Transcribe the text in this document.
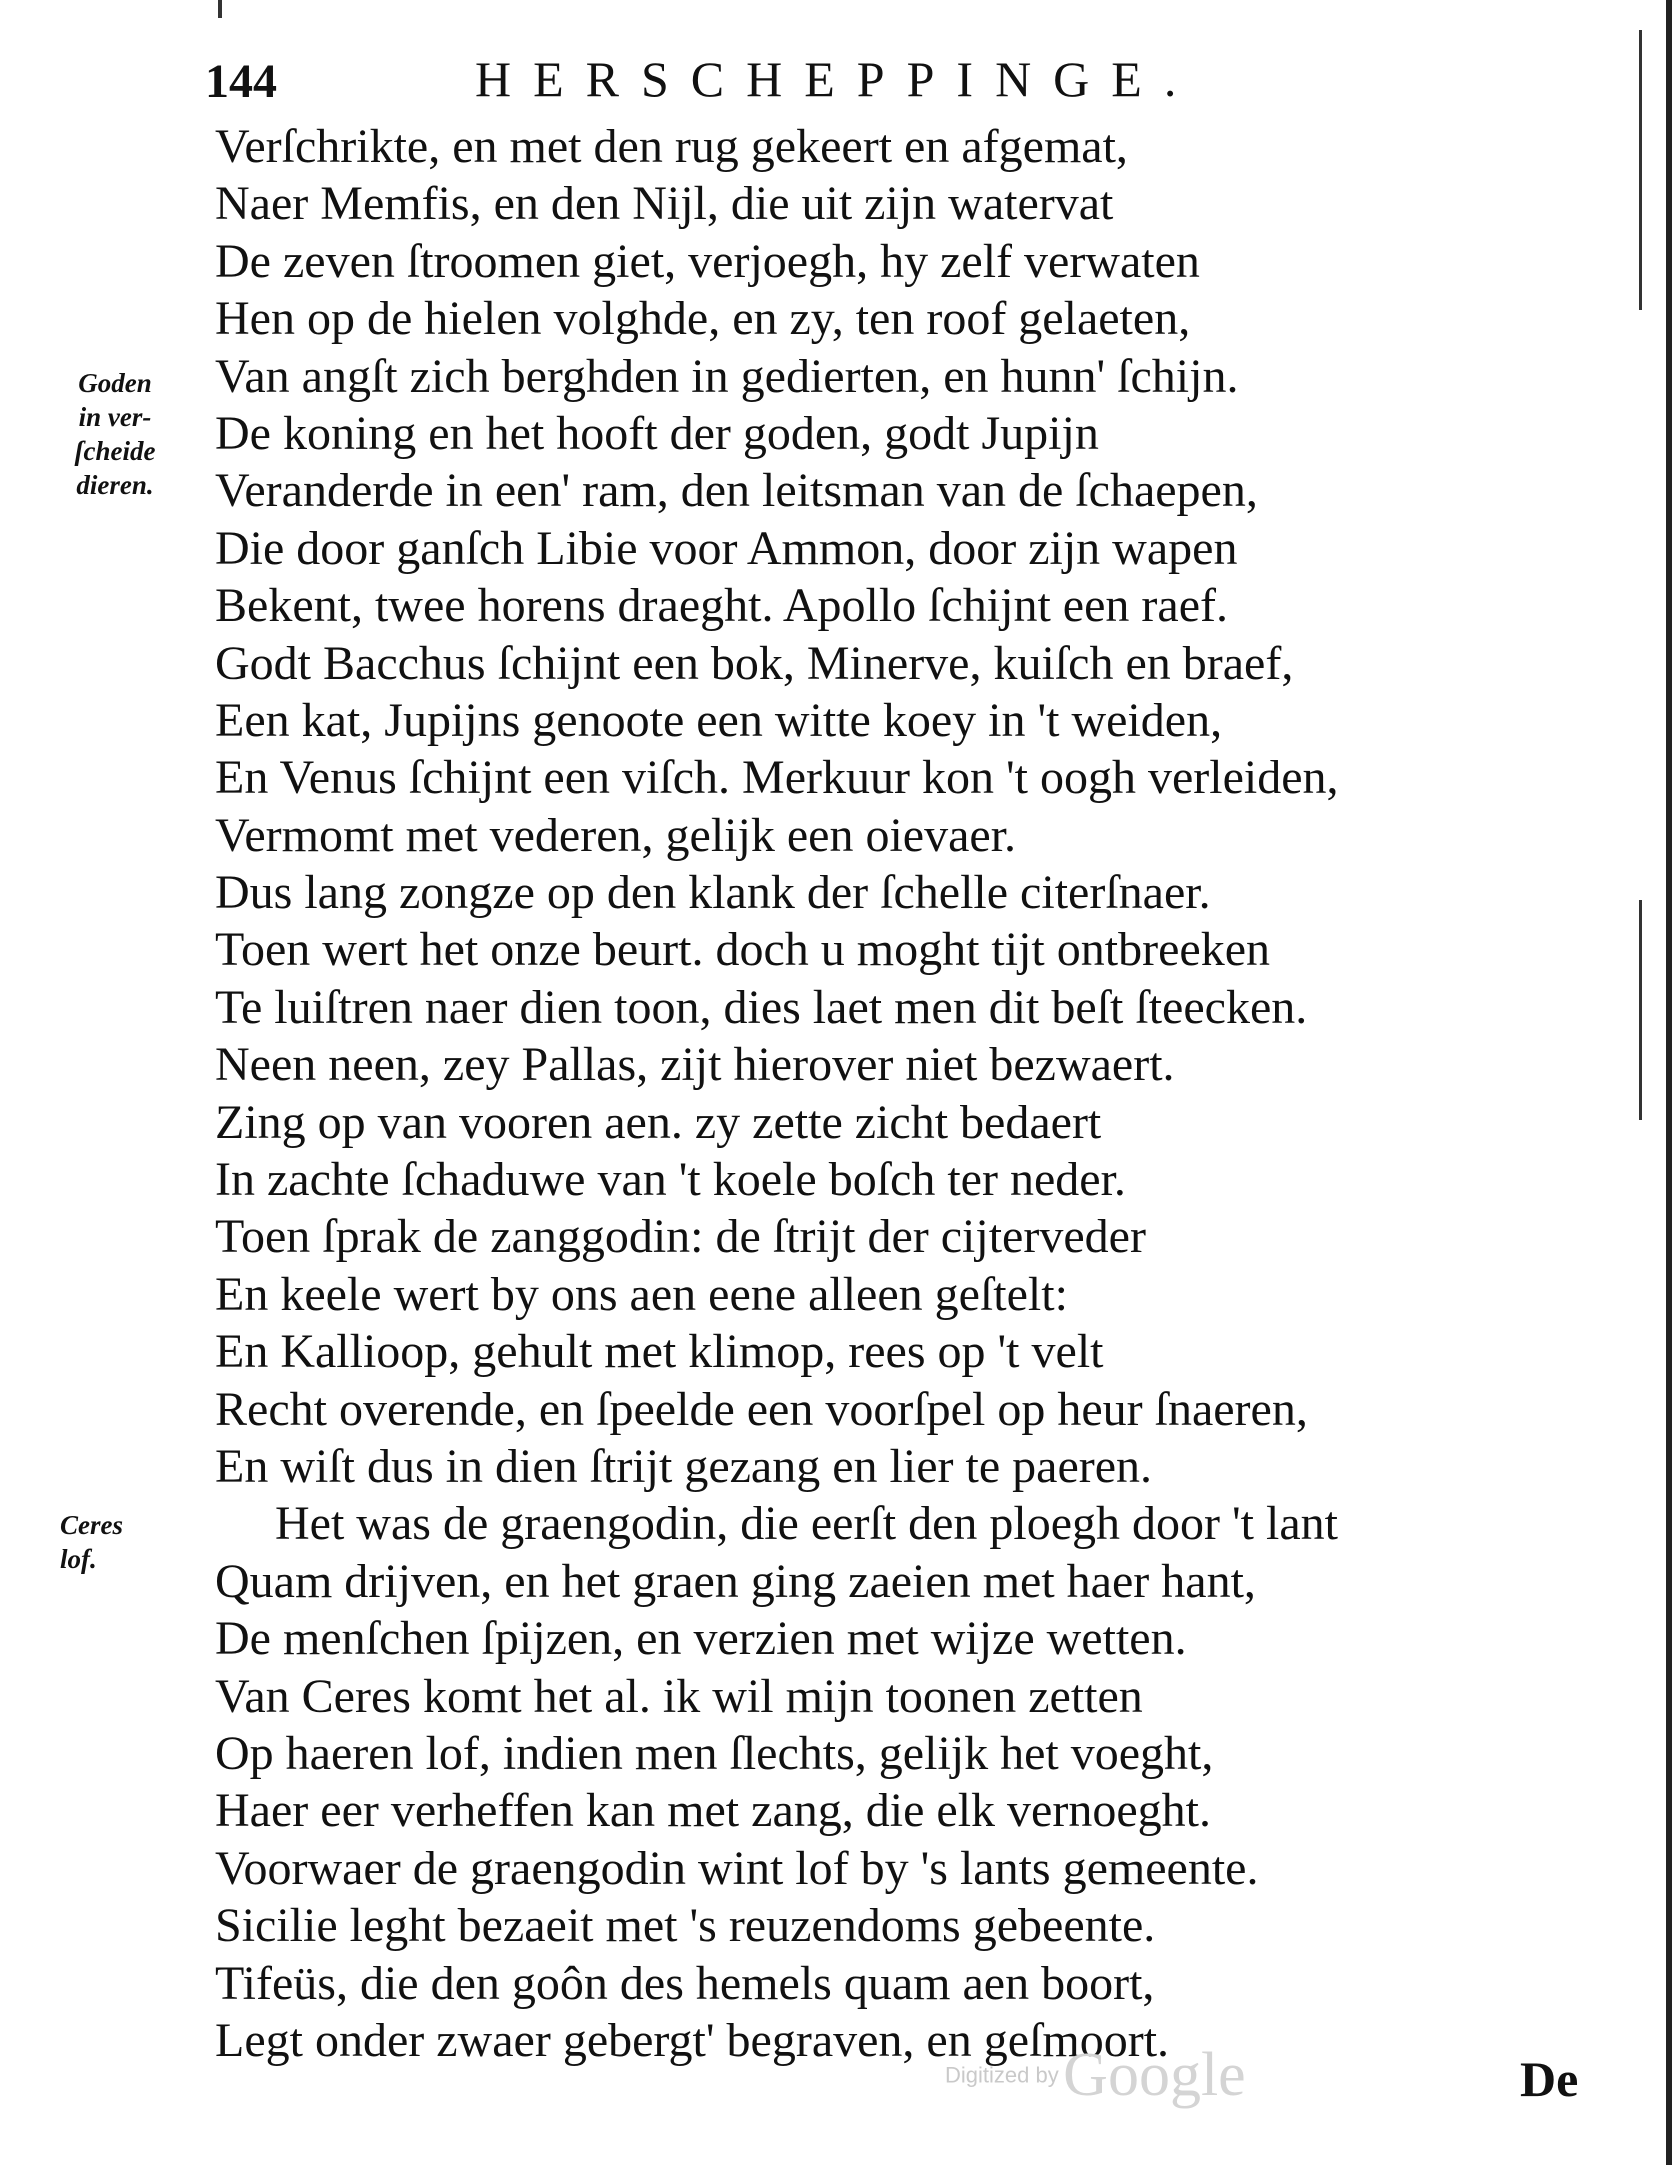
144	HERSCHEPPINGE.
Goden
in ver-
ſcheide
dieren.
Ceres
lof.
Verſchrikte, en met den rug gekeert en afgemat,
Naer Memfis, en den Nijl, die uit zijn watervat
De zeven ſtroomen giet, verjoegh, hy zelf verwaten
Hen op de hielen volghde, en zy, ten roof gelaeten,
Van angſt zich berghden in gedierten, en hunn' ſchijn.
De koning en het hooft der goden, godt Jupijn
Veranderde in een' ram, den leitsman van de ſchaepen,
Die door ganſch Libie voor Ammon, door zijn wapen
Bekent, twee horens draeght. Apollo ſchijnt een raef.
Godt Bacchus ſchijnt een bok, Minerve, kuiſch en braef,
Een kat, Jupijns genoote een witte koey in 't weiden,
En Venus ſchijnt een viſch. Merkuur kon 't oogh verleiden,
Vermomt met vederen, gelijk een oievaer.
Dus lang zongze op den klank der ſchelle citerſnaer.
Toen wert het onze beurt. doch u moght tijt ontbreeken
Te luiſtren naer dien toon, dies laet men dit beſt ſteecken.
Neen neen, zey Pallas, zijt hierover niet bezwaert.
Zing op van vooren aen. zy zette zicht bedaert
In zachte ſchaduwe van 't koele boſch ter neder.
Toen ſprak de zanggodin: de ſtrijt der cijterveder
En keele wert by ons aen eene alleen geſtelt:
En Kallioop, gehult met klimop, rees op 't velt
Recht overende, en ſpeelde een voorſpel op heur ſnaeren,
En wiſt dus in dien ſtrijt gezang en lier te paeren.
Het was de graengodin, die eerſt den ploegh door 't lant
Quam drijven, en het graen ging zaeien met haer hant,
De menſchen ſpijzen, en verzien met wijze wetten.
Van Ceres komt het al. ik wil mijn toonen zetten
Op haeren lof, indien men ſlechts, gelijk het voeght,
Haer eer verheffen kan met zang, die elk vernoeght.
Voorwaer de graengodin wint lof by 's lants gemeente.
Sicilie leght bezaeit met 's reuzendoms gebeente.
Tifeüs, die den goôn des hemels quam aen boort,
Legt onder zwaer gebergt' begraven, en geſmoort.
Digitized by Google	De
